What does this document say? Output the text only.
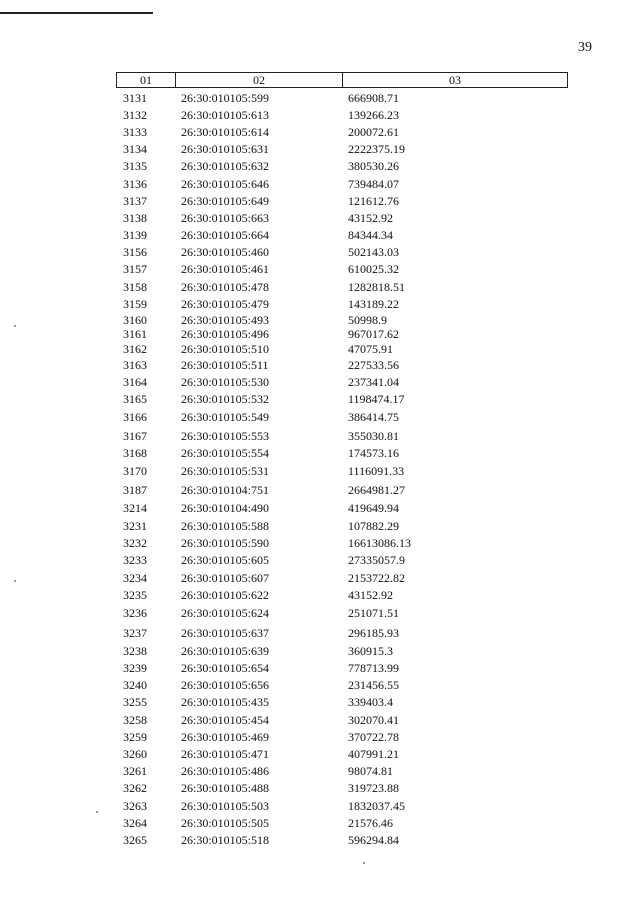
39
01	02	03
3131	26:30:010105:599	666908.71
3132	26:30:010105:613	139266.23
3133	26:30:010105:614	200072.61
3134	26:30:010105:631	2222375.19
3135	26:30:010105:632	380530.26
3136	26:30:010105:646	739484.07
3137	26:30:010105:649	121612.76
3138	26:30:010105:663	43152.92
3139	26:30:010105:664	84344.34
3156	26:30:010105:460	502143.03
3157	26:30:010105:461	610025.32
3158	26:30:010105:478	1282818.51
3159	26:30:010105:479	143189.22
3160	26:30:010105:493	50998.9
3161	26:30:010105:496	967017.62
3162	26:30:010105:510	47075.91
3163	26:30:010105:511	227533.56
3164	26:30:010105:530	237341.04
3165	26:30:010105:532	1198474.17
3166	26:30:010105:549	386414.75
3167	26:30:010105:553	355030.81
3168	26:30:010105:554	174573.16
3170	26:30:010105:531	1116091.33
3187	26:30:010104:751	2664981.27
3214	26:30:010104:490	419649.94
3231	26:30:010105:588	107882.29
3232	26:30:010105:590	16613086.13
3233	26:30:010105:605	27335057.9
3234	26:30:010105:607	2153722.82
3235	26:30:010105:622	43152.92
3236	26:30:010105:624	251071.51
3237	26:30:010105:637	296185.93
3238	26:30:010105:639	360915.3
3239	26:30:010105:654	778713.99
3240	26:30:010105:656	231456.55
3255	26:30:010105:435	339403.4
3258	26:30:010105:454	302070.41
3259	26:30:010105:469	370722.78
3260	26:30:010105:471	407991.21
3261	26:30:010105:486	98074.81
3262	26:30:010105:488	319723.88
3263	26:30:010105:503	1832037.45
3264	26:30:010105:505	21576.46
3265	26:30:010105:518	596294.84
